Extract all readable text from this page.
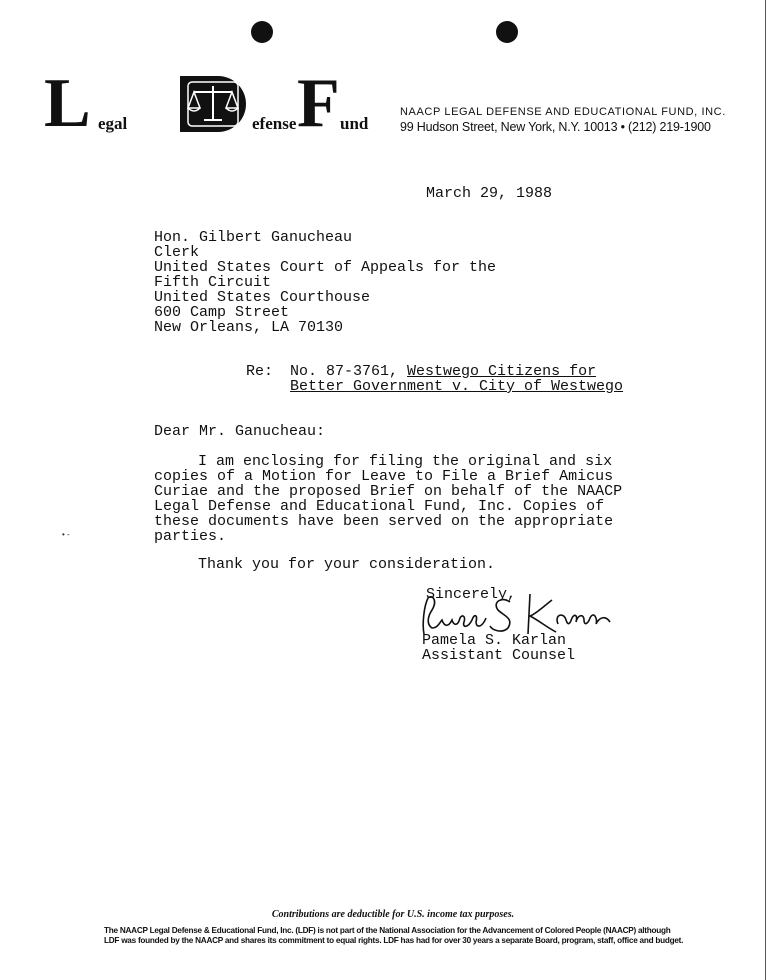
L egal	efense F und
NAACP LEGAL DEFENSE AND EDUCATIONAL FUND, INC.
99 Hudson Street, New York, N.Y. 10013 • (212) 219-1900
March 29, 1988
Hon. Gilbert Ganucheau
Clerk
United States Court of Appeals for the
Fifth Circuit
United States Courthouse
600 Camp Street
New Orleans, LA 70130
Re: No. 87-3761, Westwego Citizens for
Better Government v. City of Westwego
Dear Mr. Ganucheau:
I am enclosing for filing the original and six
copies of a Motion for Leave to File a Brief Amicus
Curiae and the proposed Brief on behalf of the NAACP
Legal Defense and Educational Fund, Inc. Copies of
these documents have been served on the appropriate
parties.
Thank you for your consideration.
Sincerely,
Pamela S. Karlan
Assistant Counsel
• -
Contributions are deductible for U.S. income tax purposes.
The NAACP Legal Defense & Educational Fund, Inc. (LDF) is not part of the National Association for the Advancement of Colored People (NAACP) although
LDF was founded by the NAACP and shares its commitment to equal rights. LDF has had for over 30 years a separate Board, program, staff, office and budget.
